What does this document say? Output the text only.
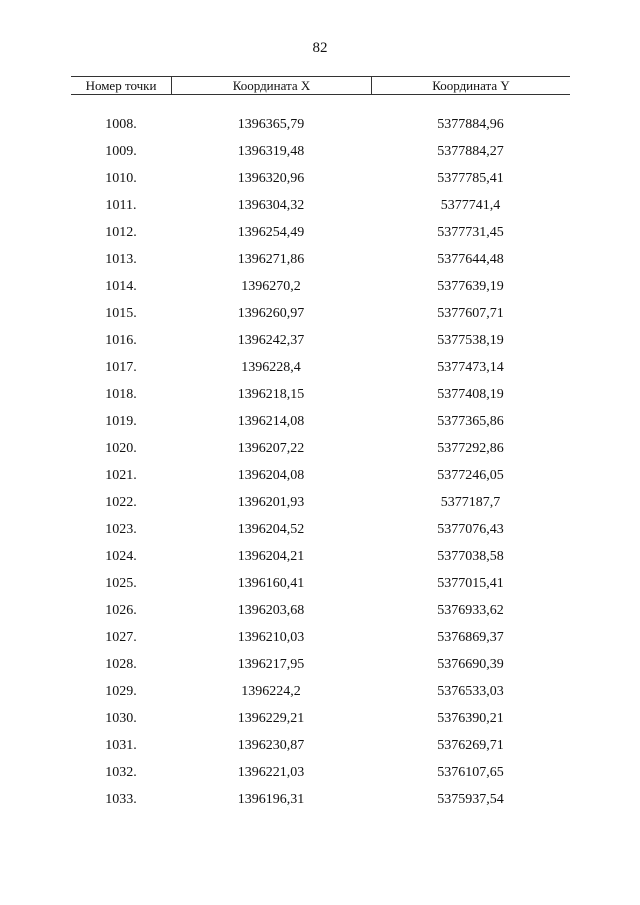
82
Номер точки	Координата X	Координата Y
1008.	1396365,79	5377884,96
1009.	1396319,48	5377884,27
1010.	1396320,96	5377785,41
1011.	1396304,32	5377741,4
1012.	1396254,49	5377731,45
1013.	1396271,86	5377644,48
1014.	1396270,2	5377639,19
1015.	1396260,97	5377607,71
1016.	1396242,37	5377538,19
1017.	1396228,4	5377473,14
1018.	1396218,15	5377408,19
1019.	1396214,08	5377365,86
1020.	1396207,22	5377292,86
1021.	1396204,08	5377246,05
1022.	1396201,93	5377187,7
1023.	1396204,52	5377076,43
1024.	1396204,21	5377038,58
1025.	1396160,41	5377015,41
1026.	1396203,68	5376933,62
1027.	1396210,03	5376869,37
1028.	1396217,95	5376690,39
1029.	1396224,2	5376533,03
1030.	1396229,21	5376390,21
1031.	1396230,87	5376269,71
1032.	1396221,03	5376107,65
1033.	1396196,31	5375937,54
